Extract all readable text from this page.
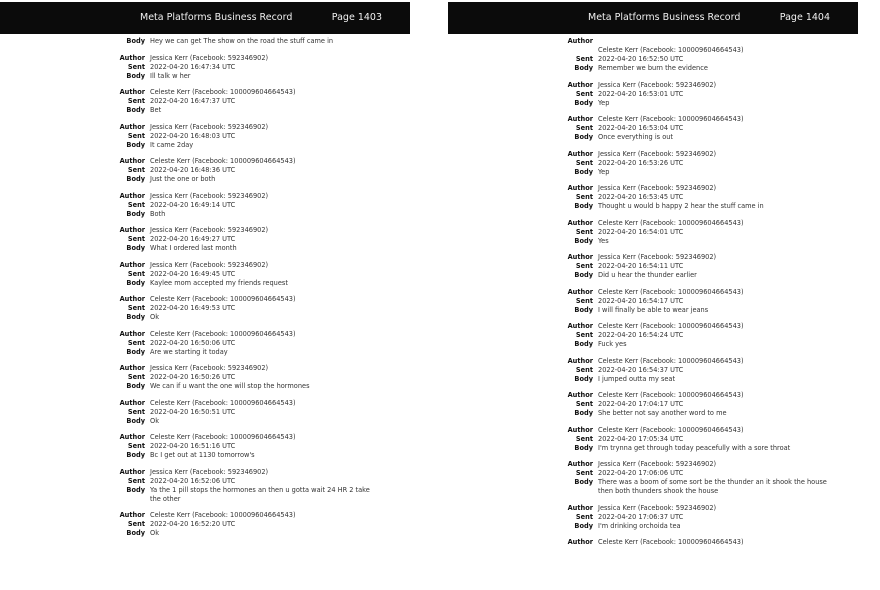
Meta Platforms Business Record	Page 1403
Body Hey we can get The show on the road the stuff came in
Author Jessica Kerr (Facebook: 592346902)
Sent 2022-04-20 16:47:34 UTC
Body Ill talk w her
Author Celeste Kerr (Facebook: 100009604664543)
Sent 2022-04-20 16:47:37 UTC
Body Bet
Author Jessica Kerr (Facebook: 592346902)
Sent 2022-04-20 16:48:03 UTC
Body It came 2day
Author Celeste Kerr (Facebook: 100009604664543)
Sent 2022-04-20 16:48:36 UTC
Body Just the one or both
Author Jessica Kerr (Facebook: 592346902)
Sent 2022-04-20 16:49:14 UTC
Body Both
Author Jessica Kerr (Facebook: 592346902)
Sent 2022-04-20 16:49:27 UTC
Body What I ordered last month
Author Jessica Kerr (Facebook: 592346902)
Sent 2022-04-20 16:49:45 UTC
Body Kaylee mom accepted my friends request
Author Celeste Kerr (Facebook: 100009604664543)
Sent 2022-04-20 16:49:53 UTC
Body Ok
Author Celeste Kerr (Facebook: 100009604664543)
Sent 2022-04-20 16:50:06 UTC
Body Are we starting it today
Author Jessica Kerr (Facebook: 592346902)
Sent 2022-04-20 16:50:26 UTC
Body We can if u want the one will stop the hormones
Author Celeste Kerr (Facebook: 100009604664543)
Sent 2022-04-20 16:50:51 UTC
Body Ok
Author Celeste Kerr (Facebook: 100009604664543)
Sent 2022-04-20 16:51:16 UTC
Body Bc I get out at 1130 tomorrow's
Author Jessica Kerr (Facebook: 592346902)
Sent 2022-04-20 16:52:06 UTC
Body Ya the 1 pill stops the hormones an then u gotta wait 24 HR 2 take the other
Author Celeste Kerr (Facebook: 100009604664543)
Sent 2022-04-20 16:52:20 UTC
Body Ok
Meta Platforms Business Record	Page 1404
Author
Celeste Kerr (Facebook: 100009604664543)
Sent 2022-04-20 16:52:50 UTC
Body Remember we burn the evidence
Author Jessica Kerr (Facebook: 592346902)
Sent 2022-04-20 16:53:01 UTC
Body Yep
Author Celeste Kerr (Facebook: 100009604664543)
Sent 2022-04-20 16:53:04 UTC
Body Once everything is out
Author Jessica Kerr (Facebook: 592346902)
Sent 2022-04-20 16:53:26 UTC
Body Yep
Author Jessica Kerr (Facebook: 592346902)
Sent 2022-04-20 16:53:45 UTC
Body Thought u would b happy 2 hear the stuff came in
Author Celeste Kerr (Facebook: 100009604664543)
Sent 2022-04-20 16:54:01 UTC
Body Yes
Author Jessica Kerr (Facebook: 592346902)
Sent 2022-04-20 16:54:11 UTC
Body Did u hear the thunder earlier
Author Celeste Kerr (Facebook: 100009604664543)
Sent 2022-04-20 16:54:17 UTC
Body I will finally be able to wear jeans
Author Celeste Kerr (Facebook: 100009604664543)
Sent 2022-04-20 16:54:24 UTC
Body Fuck yes
Author Celeste Kerr (Facebook: 100009604664543)
Sent 2022-04-20 16:54:37 UTC
Body I jumped outta my seat
Author Celeste Kerr (Facebook: 100009604664543)
Sent 2022-04-20 17:04:17 UTC
Body She better not say another word to me
Author Celeste Kerr (Facebook: 100009604664543)
Sent 2022-04-20 17:05:34 UTC
Body I'm trynna get through today peacefully with a sore throat
Author Jessica Kerr (Facebook: 592346902)
Sent 2022-04-20 17:06:06 UTC
Body There was a boom of some sort be the thunder an it shook the house then both thunders shook the house
Author Jessica Kerr (Facebook: 592346902)
Sent 2022-04-20 17:06:37 UTC
Body I'm drinking orchoida tea
Author Celeste Kerr (Facebook: 100009604664543)
